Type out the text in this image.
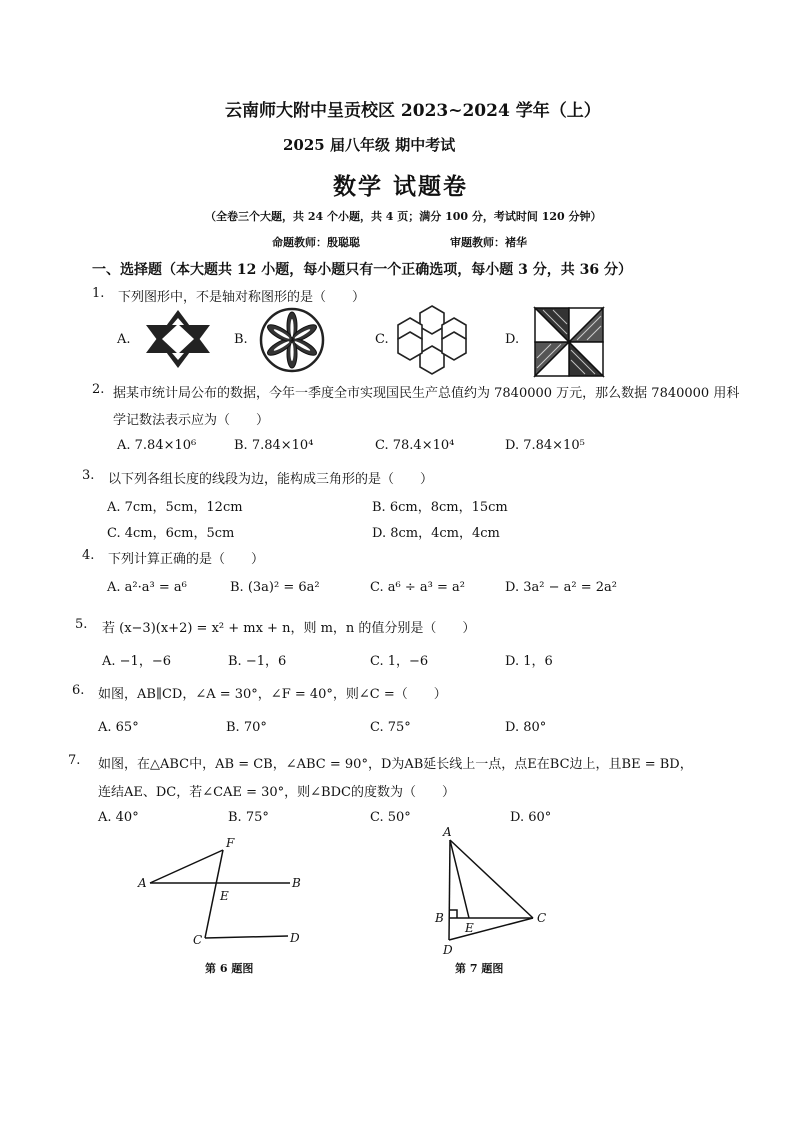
云南师大附中呈贡校区 2023~2024 学年（上）
2025 届八年级 期中考试
数学 试题卷
（全卷三个大题，共 24 个小题，共 4 页；满分 100 分，考试时间 120 分钟）
命题教师：殷聪聪	审题教师：褚华
一、选择题（本大题共 12 小题，每小题只有一个正确选项，每小题 3 分，共 36 分）
1. 下列图形中，不是轴对称图形的是（　　）
A.	B.	C.	D.
2. 据某市统计局公布的数据，今年一季度全市实现国民生产总值约为 7840000 万元，那么数据 7840000 用科
学记数法表示应为（　　）
A. 7.84×10⁶	B. 7.84×10⁴	C. 78.4×10⁴	D. 7.84×10⁵
3. 以下列各组长度的线段为边，能构成三角形的是（　　）
A. 7cm，5cm，12cm	B. 6cm，8cm，15cm
C. 4cm，6cm，5cm	D. 8cm，4cm，4cm
4. 下列计算正确的是（　　）
A. a²·a³ = a⁶	B. (3a)² = 6a²	C. a⁶ ÷ a³ = a²	D. 3a² − a² = 2a²
5. 若 (x−3)(x+2) = x² + mx + n，则 m，n 的值分别是（　　）
A. −1，−6	B. −1，6	C. 1，−6	D. 1，6
6. 如图，AB∥CD，∠A = 30°，∠F = 40°，则∠C =（　　）
A. 65°	B. 70°	C. 75°	D. 80°
7. 如图，在△ABC中，AB = CB，∠ABC = 90°，D为AB延长线上一点，点E在BC边上，且BE = BD，
连结AE、DC，若∠CAE = 30°，则∠BDC的度数为（　　）
A. 40°	B. 75°	C. 50°	D. 60°
A	B
F
E
C	D
第 6 题图
A
B	C
D
E
第 7 题图
